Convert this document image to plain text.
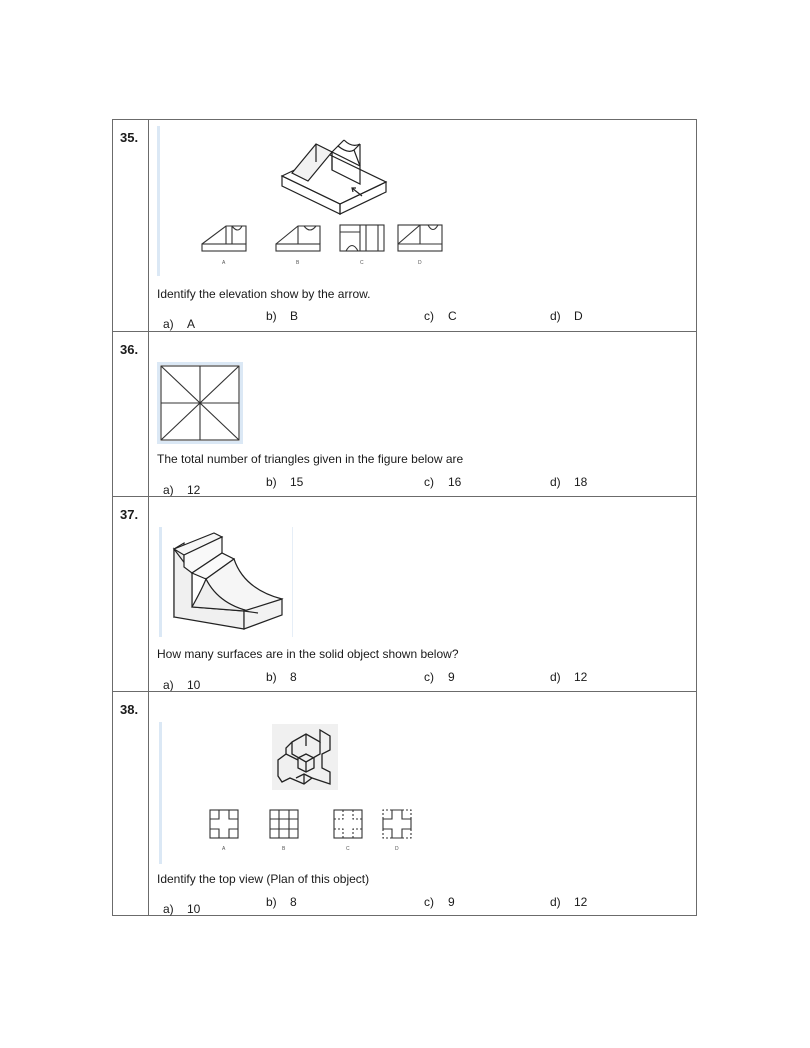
35.
A	B	C	D
Identify the elevation show by the arrow.
a) A
b) B	c) C	d) D
36.
The total number of triangles given in the figure below are
a) 12
b) 15	c) 16	d) 18
37.
How many surfaces are in the solid object shown below?
a) 10
b) 8	c) 9	d) 12
38.
A	B	C	D
Identify the top view (Plan of this object)
a) 10	b) 8	c) 9	d) 12
